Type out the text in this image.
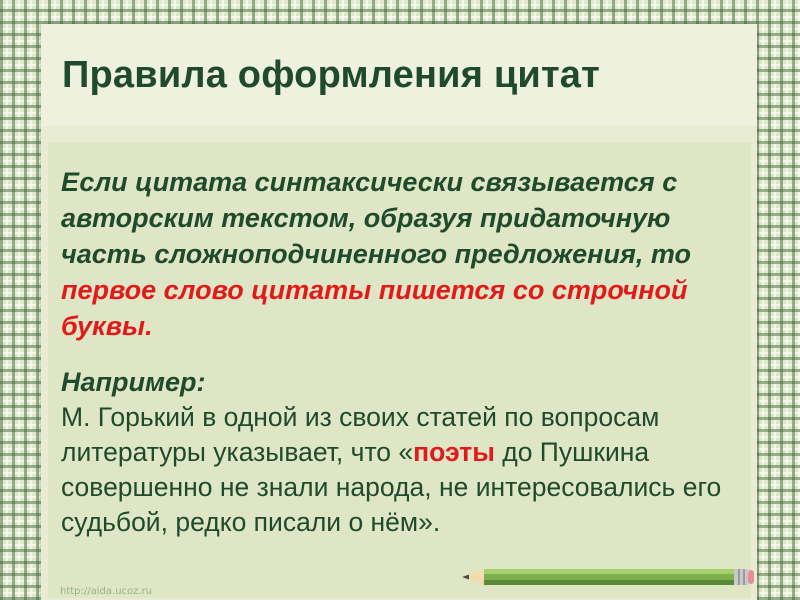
Правила оформления цитат

Если цитата синтаксически связывается с авторским текстом, образуя придаточную часть сложноподчиненного предложения, то первое слово цитаты пишется со строчной буквы.

Например:

М. Горький в одной из своих статей по вопросам литературы указывает, что «поэты до Пушкина совершенно не знали народа, не интересовались его судьбой, редко писали о нём».

http://aida.ucoz.ru
